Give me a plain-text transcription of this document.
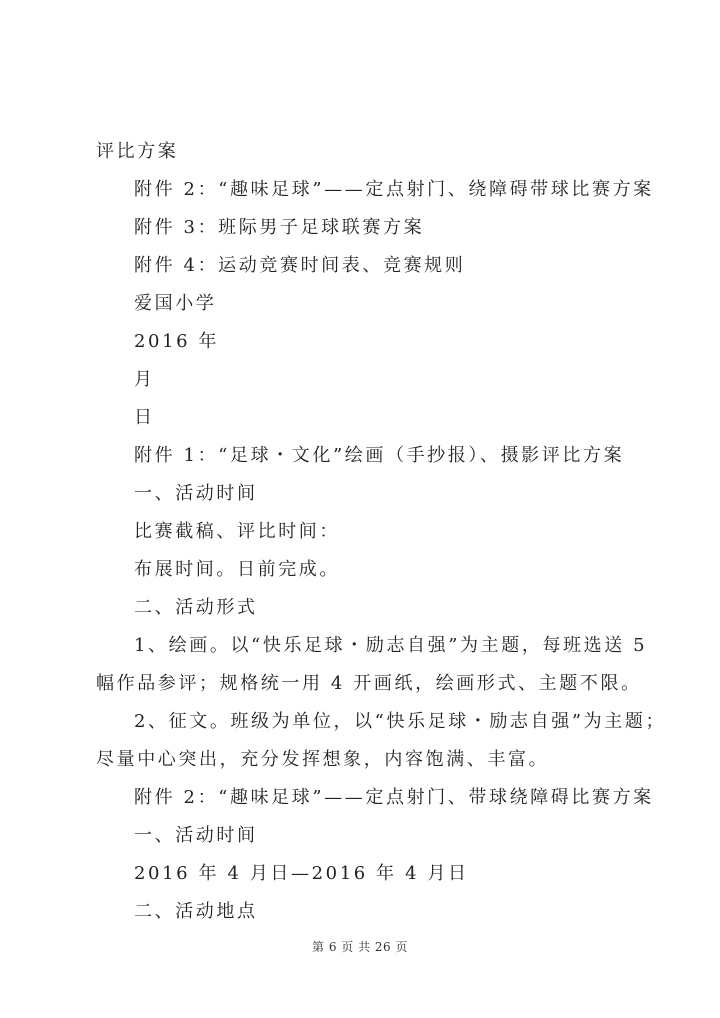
评比方案
附件 2：“趣味足球”——定点射门、绕障碍带球比赛方案
附件 3：班际男子足球联赛方案
附件 4：运动竞赛时间表、竞赛规则
爱国小学
2016 年
月
日
附件 1：“足球・文化”绘画（手抄报）、摄影评比方案
一、活动时间
比赛截稿、评比时间：
布展时间。日前完成。
二、活动形式
1、绘画。以“快乐足球・励志自强”为主题，每班选送 5
幅作品参评；规格统一用 4 开画纸，绘画形式、主题不限。
2、征文。班级为单位，以“快乐足球・励志自强”为主题；
尽量中心突出，充分发挥想象，内容饱满、丰富。
附件 2：“趣味足球”——定点射门、带球绕障碍比赛方案
一、活动时间
2016 年 4 月日—2016 年 4 月日
二、活动地点
第 6 页 共 26 页
